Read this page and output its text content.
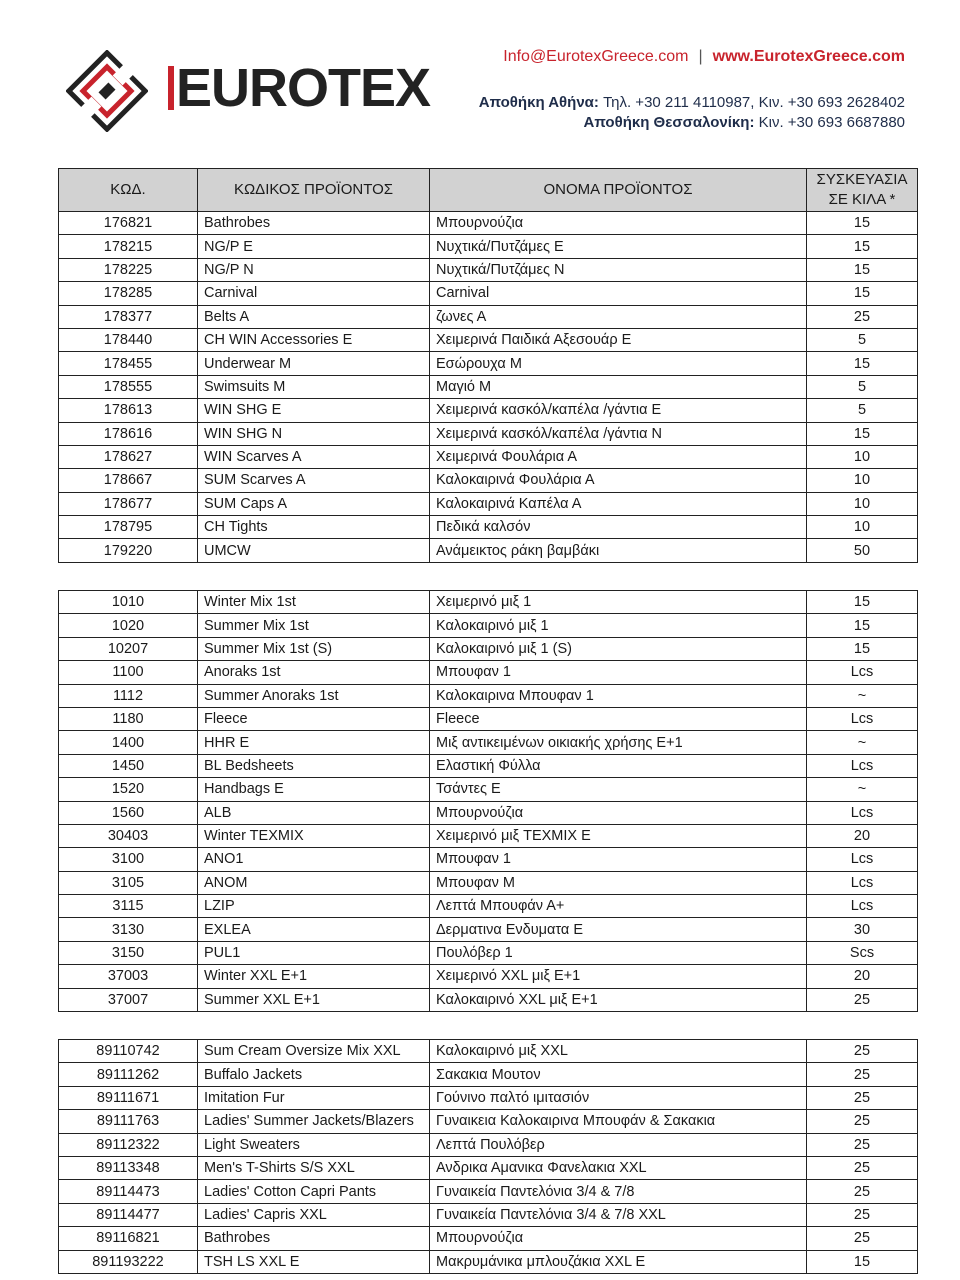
EUROTEX
Info@EurotexGreece.com | www.EurotexGreece.com
Αποθήκη Αθήνα: Τηλ. +30 211 4110987, Κιν. +30 693 2628402
Αποθήκη Θεσσαλονίκη: Κιν. +30 693 6687880
ΚΩΔ.	ΚΩΔΙΚΟΣ ΠΡΟΪΟΝΤΟΣ	ΟΝΟΜΑ ΠΡΟΪΟΝΤΟΣ	ΣΥΣΚΕΥΑΣΙΑ
ΣΕ ΚΙΛΑ *
176821	Bathrobes	Μπουρνούζια	15
178215	NG/P E	Νυχτικά/Πυτζάμες Ε	15
178225	NG/P N	Νυχτικά/Πυτζάμες Ν	15
178285	Carnival	Carnival	15
178377	Belts A	ζωνες Α	25
178440	CH WIN Accessories E	Χειμερινά Παιδικά Αξεσουάρ Ε	5
178455	Underwear M	Εσώρουχα Μ	15
178555	Swimsuits M	Μαγιό Μ	5
178613	WIN SHG E	Χειμερινά κασκόλ/καπέλα /γάντια Ε	5
178616	WIN SHG N	Χειμερινά κασκόλ/καπέλα /γάντια Ν	15
178627	WIN Scarves A	Χειμερινά Φουλάρια Α	10
178667	SUM Scarves A	Καλοκαιρινά Φουλάρια Α	10
178677	SUM Caps A	Καλοκαιρινά Καπέλα Α	10
178795	CH Tights	Πεδικά καλσόν	10
179220	UMCW	Ανάμεικτος ράκη βαμβάκι	50
1010	Winter Mix 1st	Χειμερινό μιξ 1	15
1020	Summer Mix 1st	Καλοκαιρινό μιξ 1	15
10207	Summer Mix 1st (S)	Καλοκαιρινό μιξ 1 (S)	15
1100	Anoraks 1st	Μπουφαν 1	Lcs
1112	Summer Anoraks 1st	Καλοκαιρινα Μπουφαν 1	~
1180	Fleece	Fleece	Lcs
1400	HHR E	Μιξ αντικειμένων οικιακής χρήσης Ε+1	~
1450	BL Bedsheets	Ελαστική Φύλλα	Lcs
1520	Handbags E	Τσάντες Ε	~
1560	ALB	Μπουρνούζια	Lcs
30403	Winter TEXMIX	Χειμερινό μιξ TEXMIX Ε	20
3100	ANO1	Μπουφαν 1	Lcs
3105	ANOM	Μπουφαν Μ	Lcs
3115	LZIP	Λεπτά Μπουφάν Α+	Lcs
3130	EXLEA	Δερματινα Ενδυματα Ε	30
3150	PUL1	Πουλόβερ 1	Scs
37003	Winter XXL E+1	Χειμερινό XXL μιξ Ε+1	20
37007	Summer XXL E+1	Καλοκαιρινό XXL μιξ Ε+1	25
89110742	Sum Cream Oversize Mix XXL	Καλοκαιρινό μιξ XXL	25
89111262	Buffalo Jackets	Σακακια Μουτον	25
89111671	Imitation Fur	Γούνινο παλτό ιμιτασιόν	25
89111763	Ladies' Summer Jackets/Blazers	Γυναικεια Καλοκαιρινα Μπουφάν & Σακακια	25
89112322	Light Sweaters	Λεπτά Πουλόβερ	25
89113348	Men's T-Shirts S/S XXL	Ανδρικα Αμανικα Φανελακια XXL	25
89114473	Ladies' Cotton Capri Pants	Γυναικεία Παντελόνια 3/4 & 7/8	25
89114477	Ladies' Capris XXL	Γυναικεία Παντελόνια 3/4 & 7/8 XXL	25
89116821	Bathrobes	Μπουρνούζια	25
891193222	TSH LS XXL E	Μακρυμάνικα μπλουζάκια XXL Ε	15
